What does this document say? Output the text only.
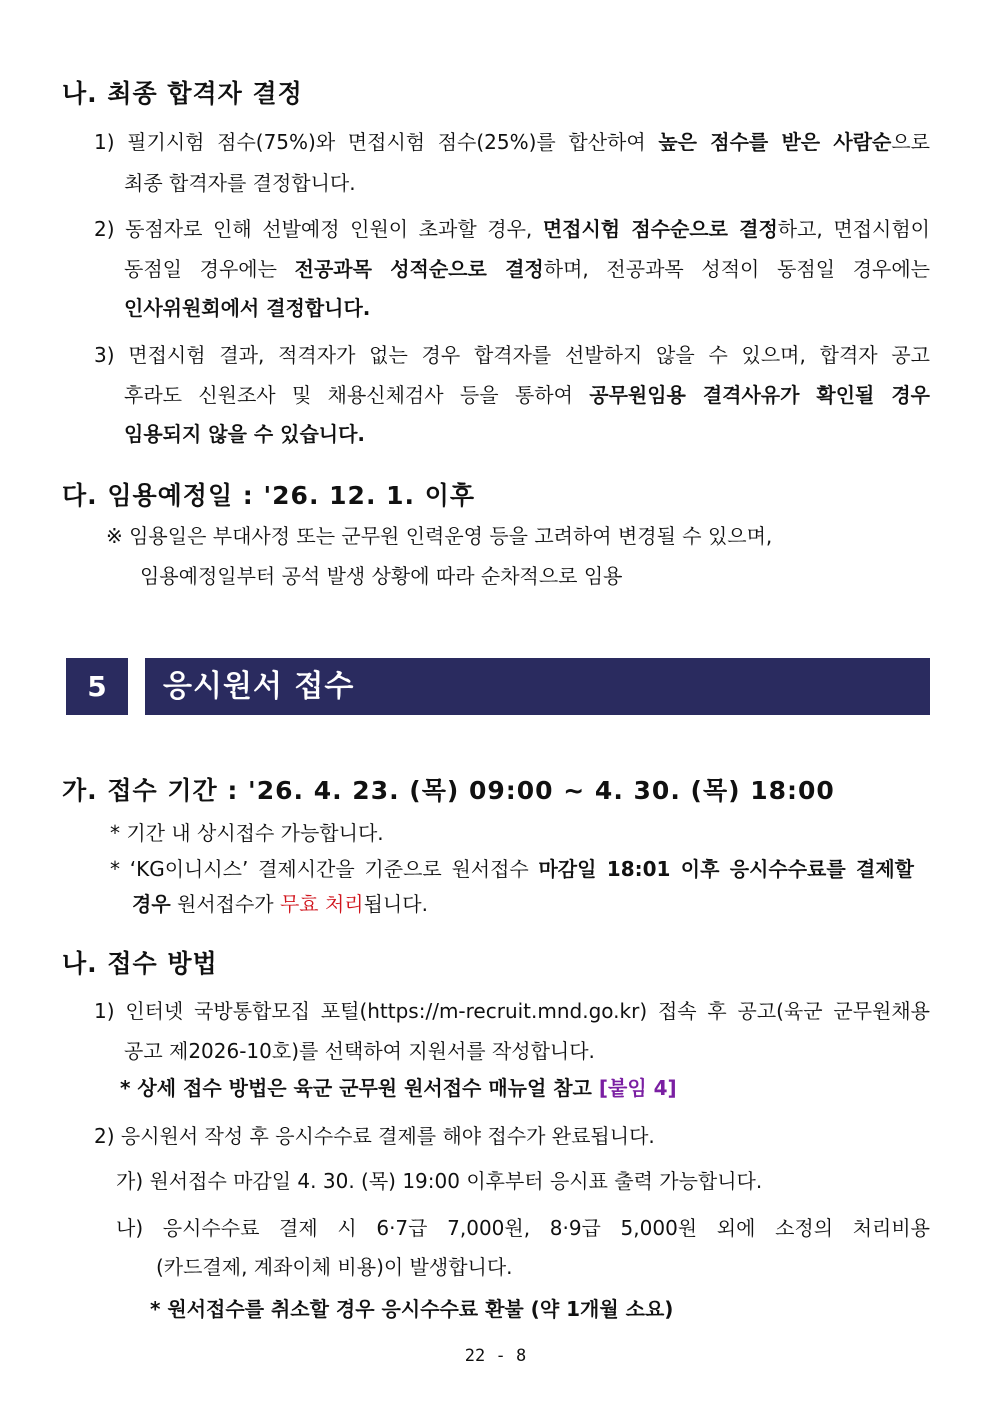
나. 최종 합격자 결정
1) 필기시험 점수(75%)와 면접시험 점수(25%)를 합산하여 높은 점수를 받은 사람순으로
최종 합격자를 결정합니다.
2) 동점자로 인해 선발예정 인원이 초과할 경우, 면접시험 점수순으로 결정하고, 면접시험이
동점일 경우에는 전공과목 성적순으로 결정하며, 전공과목 성적이 동점일 경우에는
인사위원회에서 결정합니다.
3) 면접시험 결과, 적격자가 없는 경우 합격자를 선발하지 않을 수 있으며, 합격자 공고
후라도 신원조사 및 채용신체검사 등을 통하여 공무원임용 결격사유가 확인될 경우
임용되지 않을 수 있습니다.
다. 임용예정일 : '26. 12. 1. 이후
※ 임용일은 부대사정 또는 군무원 인력운영 등을 고려하여 변경될 수 있으며,
임용예정일부터 공석 발생 상황에 따라 순차적으로 임용
5	응시원서 접수
가. 접수 기간 : '26. 4. 23. (목) 09:00 ~ 4. 30. (목) 18:00
* 기간 내 상시접수 가능합니다.
* ‘KG이니시스’ 결제시간을 기준으로 원서접수 마감일 18:01 이후 응시수수료를 결제할
경우 원서접수가 무효 처리됩니다.
나. 접수 방법
1) 인터넷 국방통합모집 포털(https://m-recruit.mnd.go.kr) 접속 후 공고(육군 군무원채용
공고 제2026-10호)를 선택하여 지원서를 작성합니다.
* 상세 접수 방법은 육군 군무원 원서접수 매뉴얼 참고 [붙임 4]
2) 응시원서 작성 후 응시수수료 결제를 해야 접수가 완료됩니다.
가) 원서접수 마감일 4. 30. (목) 19:00 이후부터 응시표 출력 가능합니다.
나) 응시수수료 결제 시 6·7급 7,000원, 8·9급 5,000원 외에 소정의 처리비용
(카드결제, 계좌이체 비용)이 발생합니다.
* 원서접수를 취소할 경우 응시수수료 환불 (약 1개월 소요)
22 - 8
